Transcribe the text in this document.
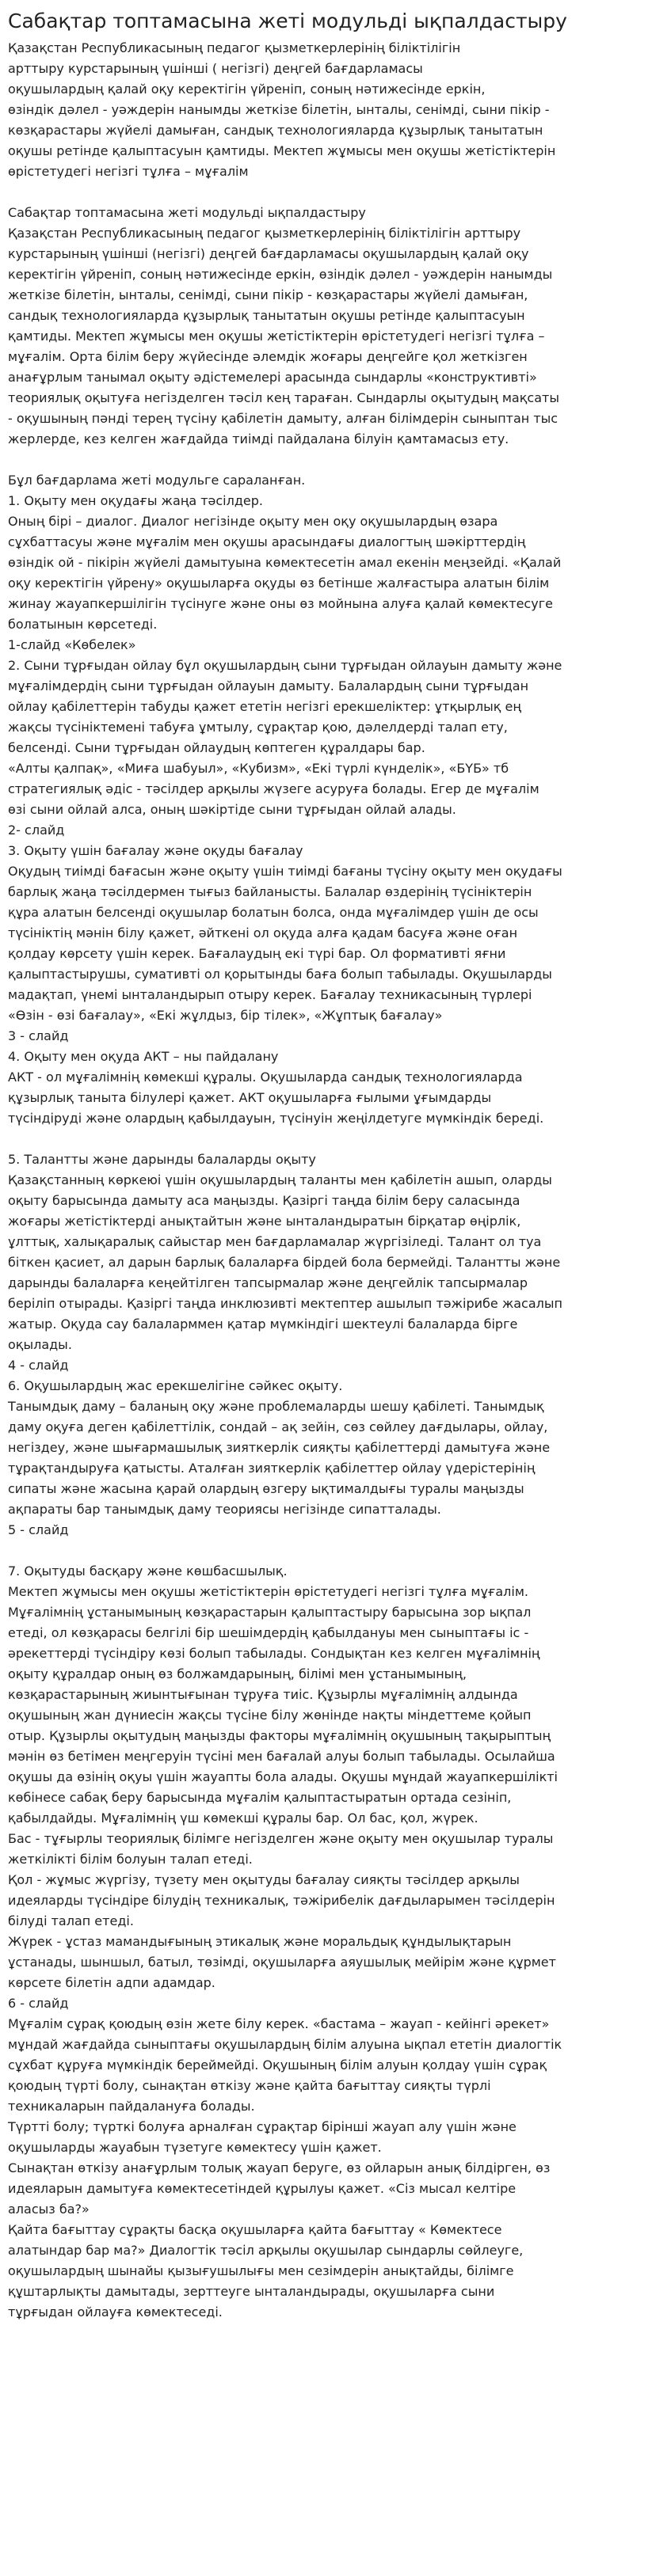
Сабақтар топтамасына жеті модульді ықпалдастыру
Қазақстан Республикасының педагог қызметкерлерінің біліктілігін
арттыру курстарының үшінші ( негізгі) деңгей бағдарламасы
оқушылардың қалай оқу керектігін үйреніп, соның нәтижесінде еркін,
өзіндік дәлел - уәждерін нанымды жеткізе білетін, ынталы, сенімді, сыни пікір -
көзқарастары жүйелі дамыған, сандық технологияларда құзырлық танытатын
оқушы ретінде қалыптасуын қамтиды. Мектеп жұмысы мен оқушы жетістіктерін
өрістетудегі негізгі тұлға – мұғалім
Сабақтар топтамасына жеті модульді ықпалдастыру
Қазақстан Республикасының педагог қызметкерлерінің біліктілігін арттыру
курстарының үшінші (негізгі) деңгей бағдарламасы оқушылардың қалай оқу
керектігін үйреніп, соның нәтижесінде еркін, өзіндік дәлел - уәждерін нанымды
жеткізе білетін, ынталы, сенімді, сыни пікір - көзқарастары жүйелі дамыған,
сандық технологияларда құзырлық танытатын оқушы ретінде қалыптасуын
қамтиды. Мектеп жұмысы мен оқушы жетістіктерін өрістетудегі негізгі тұлға –
мұғалім. Орта білім беру жүйесінде әлемдік жоғары деңгейге қол жеткізген
анағұрлым танымал оқыту әдістемелері арасында сындарлы «конструктивті»
теориялық оқытуға негізделген тәсіл кең тараған. Сындарлы оқытудың мақсаты
- оқушының пәнді терең түсіну қабілетін дамыту, алған білімдерін сыныптан тыс
жерлерде, кез келген жағдайда тиімді пайдалана білуін қамтамасыз ету.
Бұл бағдарлама жеті модульге сараланған.
1. Оқыту мен оқудағы жаңа тәсілдер.
Оның бірі – диалог. Диалог негізінде оқыту мен оқу оқушылардың өзара
сұхбаттасуы және мұғалім мен оқушы арасындағы диалогтың шәкірттердің
өзіндік ой - пікірін жүйелі дамытуына көмектесетін амал екенін меңзейді. «Қалай
оқу керектігін үйрену» оқушыларға оқуды өз бетінше жалғастыра алатын білім
жинау жауапкершілігін түсінуге және оны өз мойнына алуға қалай көмектесуге
болатынын көрсетеді.
1-слайд «Көбелек»
2. Сыни тұрғыдан ойлау бұл оқушылардың сыни тұрғыдан ойлауын дамыту және
мұғалімдердің сыни тұрғыдан ойлауын дамыту. Балалардың сыни тұрғыдан
ойлау қабілеттерін табуды қажет ететін негізгі ерекшеліктер: ұтқырлық ең
жақсы түсініктемені табуға ұмтылу, сұрақтар қою, дәлелдерді талап ету,
белсенді. Сыни тұрғыдан ойлаудың көптеген құралдары бар.
«Алты қалпақ», «Миға шабуыл», «Кубизм», «Екі түрлі күнделік», «БҮБ» тб
стратегиялық әдіс - тәсілдер арқылы жүзеге асуруға болады. Егер де мұғалім
өзі сыни ойлай алса, оның шәкіртіде сыни тұрғыдан ойлай алады.
2- слайд
3. Оқыту үшін бағалау және оқуды бағалау
Оқудың тиімді бағасын және оқыту үшін тиімді бағаны түсіну оқыту мен оқудағы
барлық жаңа тәсілдермен тығыз байланысты. Балалар өздерінің түсініктерін
құра алатын белсенді оқушылар болатын болса, онда мұғалімдер үшін де осы
түсініктің мәнін білу қажет, әйткені ол оқуда алға қадам басуға және оған
қолдау көрсету үшін керек. Бағалаудың екі түрі бар. Ол формативті яғни
қалыптастырушы, сумативті ол қорытынды баға болып табылады. Оқушыларды
мадақтап, үнемі ынталандырып отыру керек. Бағалау техникасының түрлері
«Өзін - өзі бағалау», «Екі жұлдыз, бір тілек», «Жұптық бағалау»
3 - слайд
4. Оқыту мен оқуда АКТ – ны пайдалану
АКТ - ол мұғалімнің көмекші құралы. Оқушыларда сандық технологияларда
құзырлық танытa білулері қажет. АКТ оқушыларға ғылыми ұғымдарды
түсіндіруді және олардың қабылдауын, түсінуін жеңілдетуге мүмкіндік береді.
5. Талантты және дарынды балаларды оқыту
Қазақстанның көркеюі үшін оқушылардың таланты мен қабілетін ашып, оларды
оқыту барысында дамыту аса маңызды. Қазіргі таңда білім беру саласында
жоғары жетістіктерді анықтайтын және ынталандыратын бірқатар өңірлік,
ұлттық, халықаралық сайыстар мен бағдарламалар жүргізіледі. Талант ол туа
біткен қасиет, ал дарын барлық балаларға бірдей бола бермейді. Талантты және
дарынды балаларға кеңейтілген тапсырмалар және деңгейлік тапсырмалар
беріліп отырады. Қазіргі таңда инклюзивті мектептер ашылып тәжірибе жасалып
жатыр. Оқуда сау балаларммен қатар мүмкіндігі шектеулі балаларда бірге
оқылады.
4 - слайд
6. Оқушылардың жас ерекшелігіне сәйкес оқыту.
Танымдық даму – баланың оқу және проблемаларды шешу қабілеті. Танымдық
даму оқуға деген қабілеттілік, сондай – ақ зейін, сөз сөйлеу дағдылары, ойлау,
негіздеу, және шығармашылық зияткерлік сияқты қабілеттерді дамытуға және
тұрақтандыруға қатысты. Аталған зияткерлік қабілеттер ойлау үдерістерінің
сипаты және жасына қарай олардың өзгеру ықтималдығы туралы маңызды
ақпараты бар танымдық даму теориясы негізінде сипатталады.
5 - слайд
7. Оқытуды басқару және көшбасшылық.
Мектеп жұмысы мен оқушы жетістіктерін өрістетудегі негізгі тұлға мұғалім.
Мұғалімнің ұстанымының көзқарастарын қалыптастыру барысына зор ықпал
етеді, ол көзқарасы белгілі бір шешімдердің қабылдануы мен сыныптағы іс -
әрекеттерді түсіндіру көзі болып табылады. Сондықтан кез келген мұғалімнің
оқыту құралдар оның өз болжамдарының, білімі мен ұстанымының,
көзқарастарының жиынтығынан тұруға тиіс. Құзырлы мұғалімнің алдында
оқушының жан дүниесін жақсы түсіне білу жөнінде нақты міндеттеме қойып
отыр. Құзырлы оқытудың маңызды факторы мұғалімнің оқушының тақырыптың
мәнін өз бетімен меңгеруін түсіні мен бағалай алуы болып табылады. Осылайша
оқушы да өзінің оқуы үшін жауапты бола алады. Оқушы мұндай жауапкершілікті
көбінесе сабақ беру барысында мұғалім қалыптастыратын ортада сезініп,
қабылдайды. Мұғалімнің үш көмекші құралы бар. Ол бас, қол, жүрек.
Бас - тұғырлы теориялық білімге негізделген және оқыту мен оқушылар туралы
жеткілікті білім болуын талап етеді.
Қол - жұмыс жүргізу, түзету мен оқытуды бағалау сияқты тәсілдер арқылы
идеяларды түсіндіре білудің техникалық, тәжірибелік дағдыларымен тәсілдерін
білуді талап етеді.
Жүрек - ұстаз мамандығының этикалық және моральдық құндылықтарын
ұстанады, шыншыл, батыл, төзімді, оқушыларға аяушылық мейірім және құрмет
көрсете білетін адпи адамдар.
6 - слайд
Мұғалім сұрақ қоюдың өзін жете білу керек. «бастама – жауап - кейінгі әрекет»
мұндай жағдайда сыныптағы оқушылардың білім алуына ықпал ететін диалогтік
сұхбат құруға мүмкіндік береймейді. Оқушының білім алуын қолдау үшін сұрақ
қоюдың түрті болу, сынақтан өткізу және қайта бағыттау сияқты түрлі
техникаларын пайдалануға болады.
Түртті болу; түрткі болуға арналған сұрақтар біріншi жауап алу үшін және
оқушыларды жауабын түзетуге көмектесу үшін қажет.
Сынақтан өткізу анағұрлым толық жауап беруге, өз ойларын анық білдірген, өз
идеяларын дамытуға көмектесетіндей құрылуы қажет. «Сіз мысал келтіре
аласыз ба?»
Қайта бағыттау сұрақты басқа оқушыларға қайта бағыттау « Көмектесе
алатындар бар ма?» Диалогтік тәсіл арқылы оқушылар сындарлы сөйлеуге,
оқушылардың шынайы қызығушылығы мен сезімдерін анықтайды, білімге
құштарлықты дамытады, зерттеуге ынталандырады, оқушыларға сыни
тұрғыдан ойлауға көмектеседі.
